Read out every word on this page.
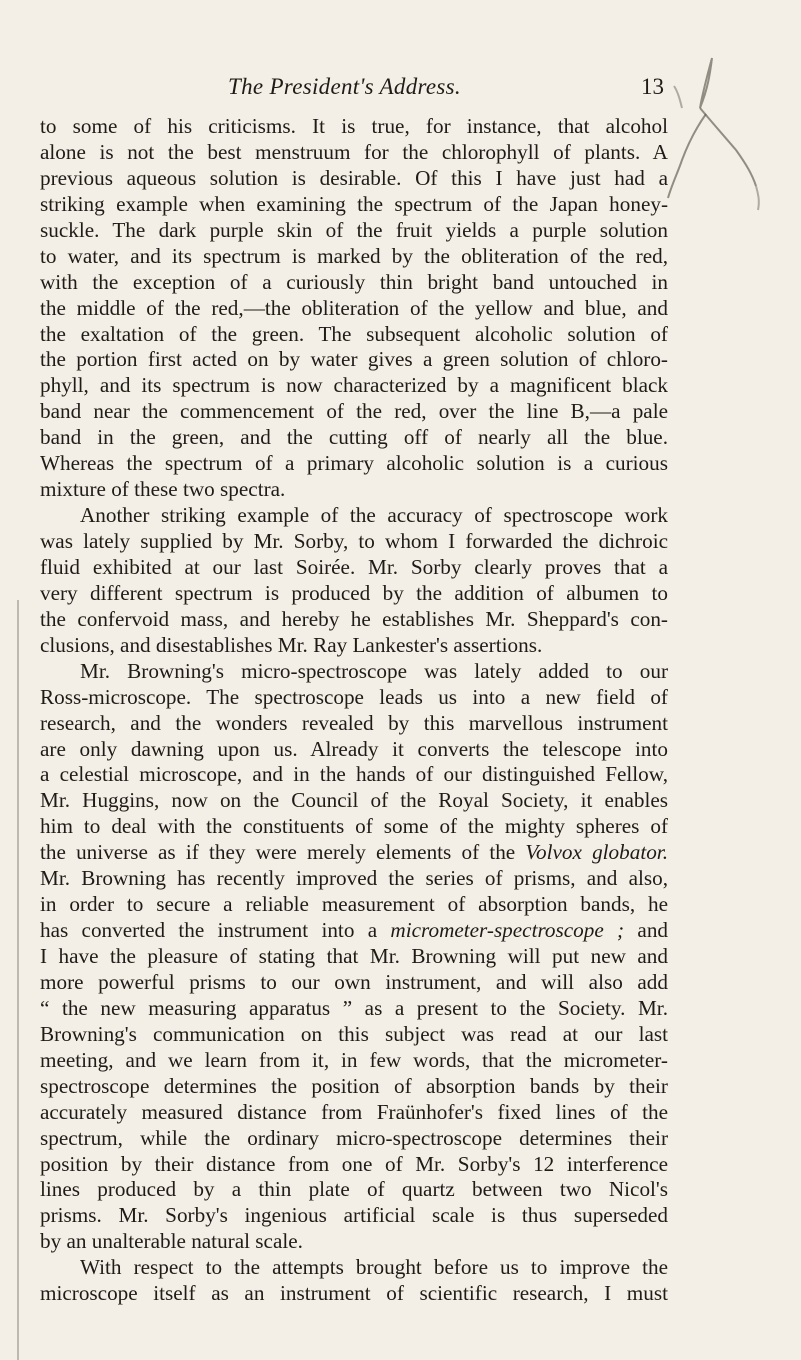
The President's Address.	13
to some of his criticisms. It is true, for instance, that alcohol
alone is not the best menstruum for the chlorophyll of plants. A
previous aqueous solution is desirable. Of this I have just had a
striking example when examining the spectrum of the Japan honey-
suckle. The dark purple skin of the fruit yields a purple solution
to water, and its spectrum is marked by the obliteration of the red,
with the exception of a curiously thin bright band untouched in
the middle of the red,—the obliteration of the yellow and blue, and
the exaltation of the green. The subsequent alcoholic solution of
the portion first acted on by water gives a green solution of chloro-
phyll, and its spectrum is now characterized by a magnificent black
band near the commencement of the red, over the line B,—a pale
band in the green, and the cutting off of nearly all the blue.
Whereas the spectrum of a primary alcoholic solution is a curious
mixture of these two spectra.
Another striking example of the accuracy of spectroscope work
was lately supplied by Mr. Sorby, to whom I forwarded the dichroic
fluid exhibited at our last Soirée. Mr. Sorby clearly proves that a
very different spectrum is produced by the addition of albumen to
the confervoid mass, and hereby he establishes Mr. Sheppard's con-
clusions, and disestablishes Mr. Ray Lankester's assertions.
Mr. Browning's micro-spectroscope was lately added to our
Ross-microscope. The spectroscope leads us into a new field of
research, and the wonders revealed by this marvellous instrument
are only dawning upon us. Already it converts the telescope into
a celestial microscope, and in the hands of our distinguished Fellow,
Mr. Huggins, now on the Council of the Royal Society, it enables
him to deal with the constituents of some of the mighty spheres of
the universe as if they were merely elements of the Volvox globator.
Mr. Browning has recently improved the series of prisms, and also,
in order to secure a reliable measurement of absorption bands, he
has converted the instrument into a micrometer-spectroscope ; and
I have the pleasure of stating that Mr. Browning will put new and
more powerful prisms to our own instrument, and will also add
“ the new measuring apparatus ” as a present to the Society. Mr.
Browning's communication on this subject was read at our last
meeting, and we learn from it, in few words, that the micrometer-
spectroscope determines the position of absorption bands by their
accurately measured distance from Fraünhofer's fixed lines of the
spectrum, while the ordinary micro-spectroscope determines their
position by their distance from one of Mr. Sorby's 12 interference
lines produced by a thin plate of quartz between two Nicol's
prisms. Mr. Sorby's ingenious artificial scale is thus superseded
by an unalterable natural scale.
With respect to the attempts brought before us to improve the
microscope itself as an instrument of scientific research, I must
